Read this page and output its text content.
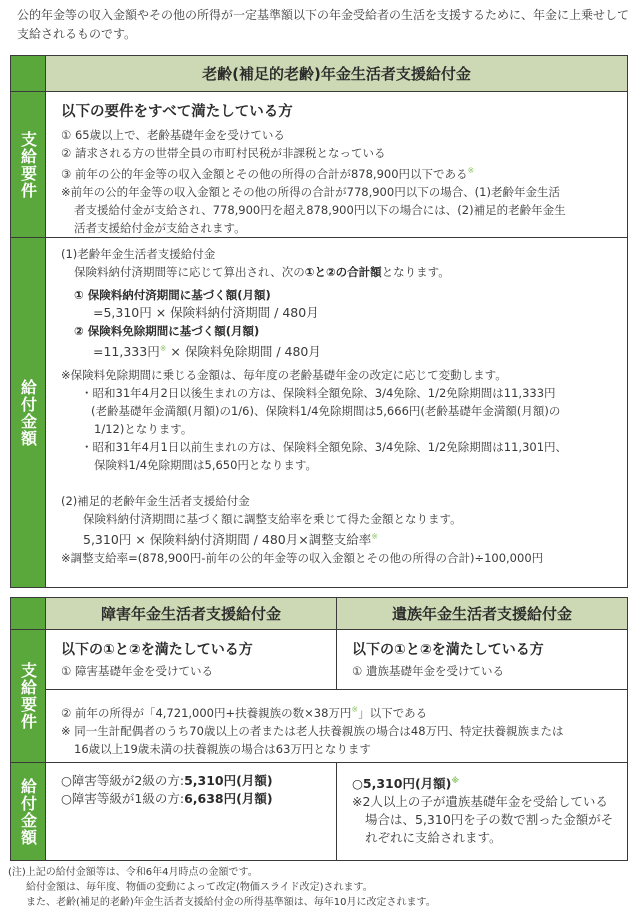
公的年金等の収入金額やその他の所得が一定基準額以下の年金受給者の生活を支援するために、年金に上乗せして
支給されるものです。
老齢(補足的老齢)年金生活者支援給付金
支給要件
以下の要件をすべて満たしている方
① 65歳以上で、老齢基礎年金を受けている
② 請求される方の世帯全員の市町村民税が非課税となっている
③ 前年の公的年金等の収入金額とその他の所得の合計が878,900円以下である※
※前年の公的年金等の収入金額とその他の所得の合計が778,900円以下の場合、(1)老齢年金生活
者支援給付金が支給され、778,900円を超え878,900円以下の場合には、(2)補足的老齢年金生
活者支援給付金が支給されます。
給付金額
(1)老齢年金生活者支援給付金
保険料納付済期間等に応じて算出され、次の①と②の合計額となります。
① 保険料納付済期間に基づく額(月額)
=5,310円 × 保険料納付済期間 / 480月
② 保険料免除期間に基づく額(月額)
=11,333円※ × 保険料免除期間 / 480月
※保険料免除期間に乗じる金額は、毎年度の老齢基礎年金の改定に応じて変動します。
・昭和31年4月2日以後生まれの方は、保険料全額免除、3/4免除、1/2免除期間は11,333円
(老齢基礎年金満額(月額)の1/6)、保険料1/4免除期間は5,666円(老齢基礎年金満額(月額)の
1/12)となります。
・昭和31年4月1日以前生まれの方は、保険料全額免除、3/4免除、1/2免除期間は11,301円、
保険料1/4免除期間は5,650円となります。
(2)補足的老齢年金生活者支援給付金
保険料納付済期間に基づく額に調整支給率を乗じて得た金額となります。
5,310円 × 保険料納付済期間 / 480月×調整支給率※
※調整支給率=(878,900円-前年の公的年金等の収入金額とその他の所得の合計)÷100,000円
障害年金生活者支援給付金	遺族年金生活者支援給付金
支給要件
以下の①と②を満たしている方
① 障害基礎年金を受けている
以下の①と②を満たしている方
① 遺族基礎年金を受けている
② 前年の所得が「4,721,000円+扶養親族の数×38万円※」以下である
※ 同一生計配偶者のうち70歳以上の者または老人扶養親族の場合は48万円、特定扶養親族または
16歳以上19歳未満の扶養親族の場合は63万円となります
給付金額	○障害等級が2級の方:5,310円(月額)
○障害等級が1級の方:6,638円(月額)
○5,310円(月額)※
※2人以上の子が遺族基礎年金を受給している
場合は、5,310円を子の数で割った金額がそ
れぞれに支給されます。
(注)上記の給付金額等は、令和6年4月時点の金額です。
給付金額は、毎年度、物価の変動によって改定(物価スライド改定)されます。
また、老齢(補足的老齢)年金生活者支援給付金の所得基準額は、毎年10月に改定されます。
